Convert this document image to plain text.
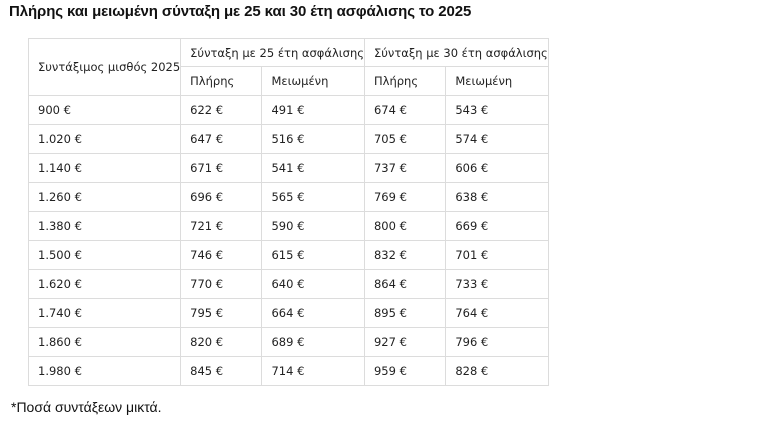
Πλήρης και μειωμένη σύνταξη με 25 και 30 έτη ασφάλισης το 2025
Συντάξιμος μισθός 2025	Σύνταξη με 25 έτη ασφάλισης		Σύνταξη με 30 έτη ασφάλισης	
	Πλήρης	Μειωμένη	Πλήρης	Μειωμένη
900 €	622 €	491 €	674 €	543 €
1.020 €	647 €	516 €	705 €	574 €
1.140 €	671 €	541 €	737 €	606 €
1.260 €	696 €	565 €	769 €	638 €
1.380 €	721 €	590 €	800 €	669 €
1.500 €	746 €	615 €	832 €	701 €
1.620 €	770 €	640 €	864 €	733 €
1.740 €	795 €	664 €	895 €	764 €
1.860 €	820 €	689 €	927 €	796 €
1.980 €	845 €	714 €	959 €	828 €
*Ποσά συντάξεων μικτά.
